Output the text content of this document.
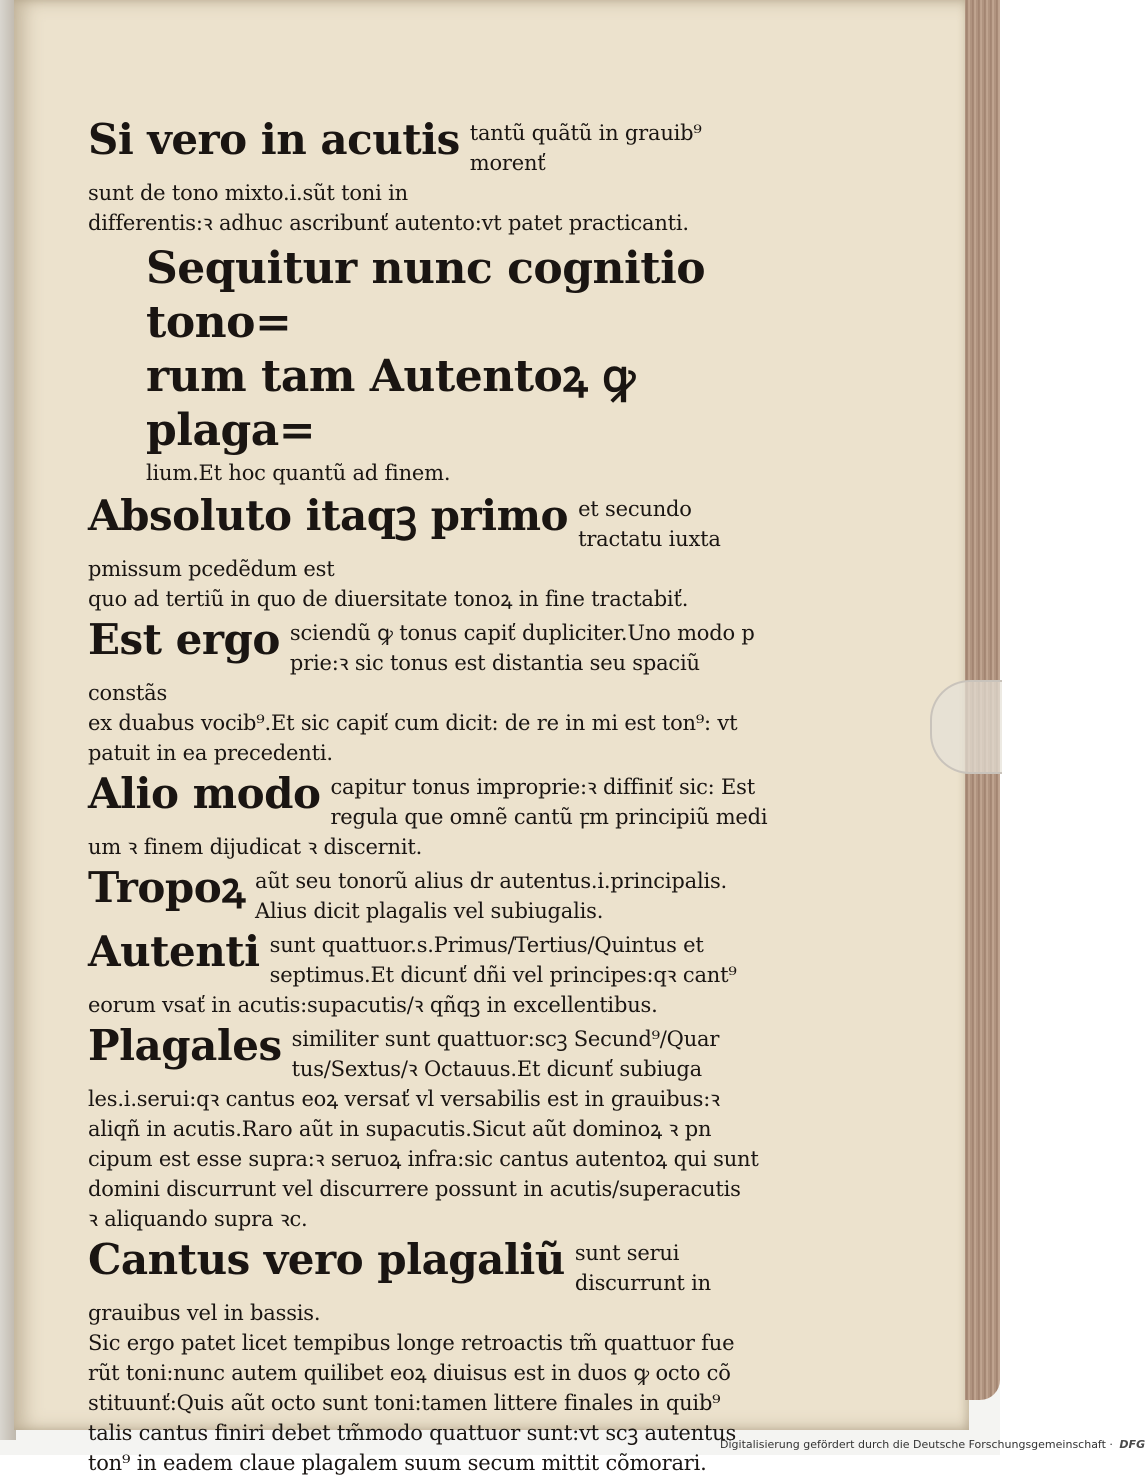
Si vero in acutis tantũ quãtũ in grauib⁹ morenť
sunt de tono mixto.i.sũt toni in
differentis:ꝛ adhuc ascribunť autento:vt patet practicanti.
Sequitur nunc cognitio tono=
rum tam Autentoꝝ ꝙ plaga=
lium.Et hoc quantũ ad finem.
Absoluto itaqꝫ primo et secundo tractatu iuxta
pmissum pcedẽdum est
quo ad tertiũ in quo de diuersitate tonoꝝ in fine tractabiť.
Est ergo sciendũ ꝙ tonus capiť dupliciter.Uno modo p
prie:ꝛ sic tonus est distantia seu spaciũ constãs
ex duabus vocib⁹.Et sic capiť cum dicit: de re in mi est ton⁹: vt
patuit in ea precedenti.
Alio modo capitur tonus improprie:ꝛ diffiniť sic: Est
regula que omnẽ cantũ ꝼm principiũ medi
um ꝛ finem dijudicat ꝛ discernit.
Tropoꝝ aũt seu tonorũ alius dr autentus.i.principalis.
Alius dicit plagalis vel subiugalis.
Autenti sunt quattuor.s.Primus/Tertius/Quintus et
septimus.Et dicunť dñi vel principes:qꝛ cant⁹
eorum vsať in acutis:supacutis/ꝛ qñqꝫ in excellentibus.
Plagales similiter sunt quattuor:scꝫ Secund⁹/Quar
tus/Sextus/ꝛ Octauus.Et dicunť subiuga
les.i.serui:qꝛ cantus eoꝝ versať vl versabilis est in grauibus:ꝛ
aliqñ in acutis.Raro aũt in supacutis.Sicut aũt dominoꝝ ꝛ pn
cipum est esse supra:ꝛ seruoꝝ infra:sic cantus autentoꝝ qui sunt
domini discurrunt vel discurrere possunt in acutis/superacutis
ꝛ aliquando supra ꝛc.
Cantus vero plagaliũ sunt serui discurrunt in
grauibus vel in bassis.
Sic ergo patet licet tempibus longe retroactis tm̃ quattuor fue
rũt toni:nunc autem quilibet eoꝝ diuisus est in duos ꝙ octo cõ
stituunť:Quis aũt octo sunt toni:tamen littere finales in quib⁹
talis cantus finiri debet tm̃modo quattuor sunt:vt scꝫ autentus
ton⁹ in eadem claue plagalem suum secum mittit cõmorari.
Digitalisierung gefördert durch die Deutsche Forschungsgemeinschaft · DFG
